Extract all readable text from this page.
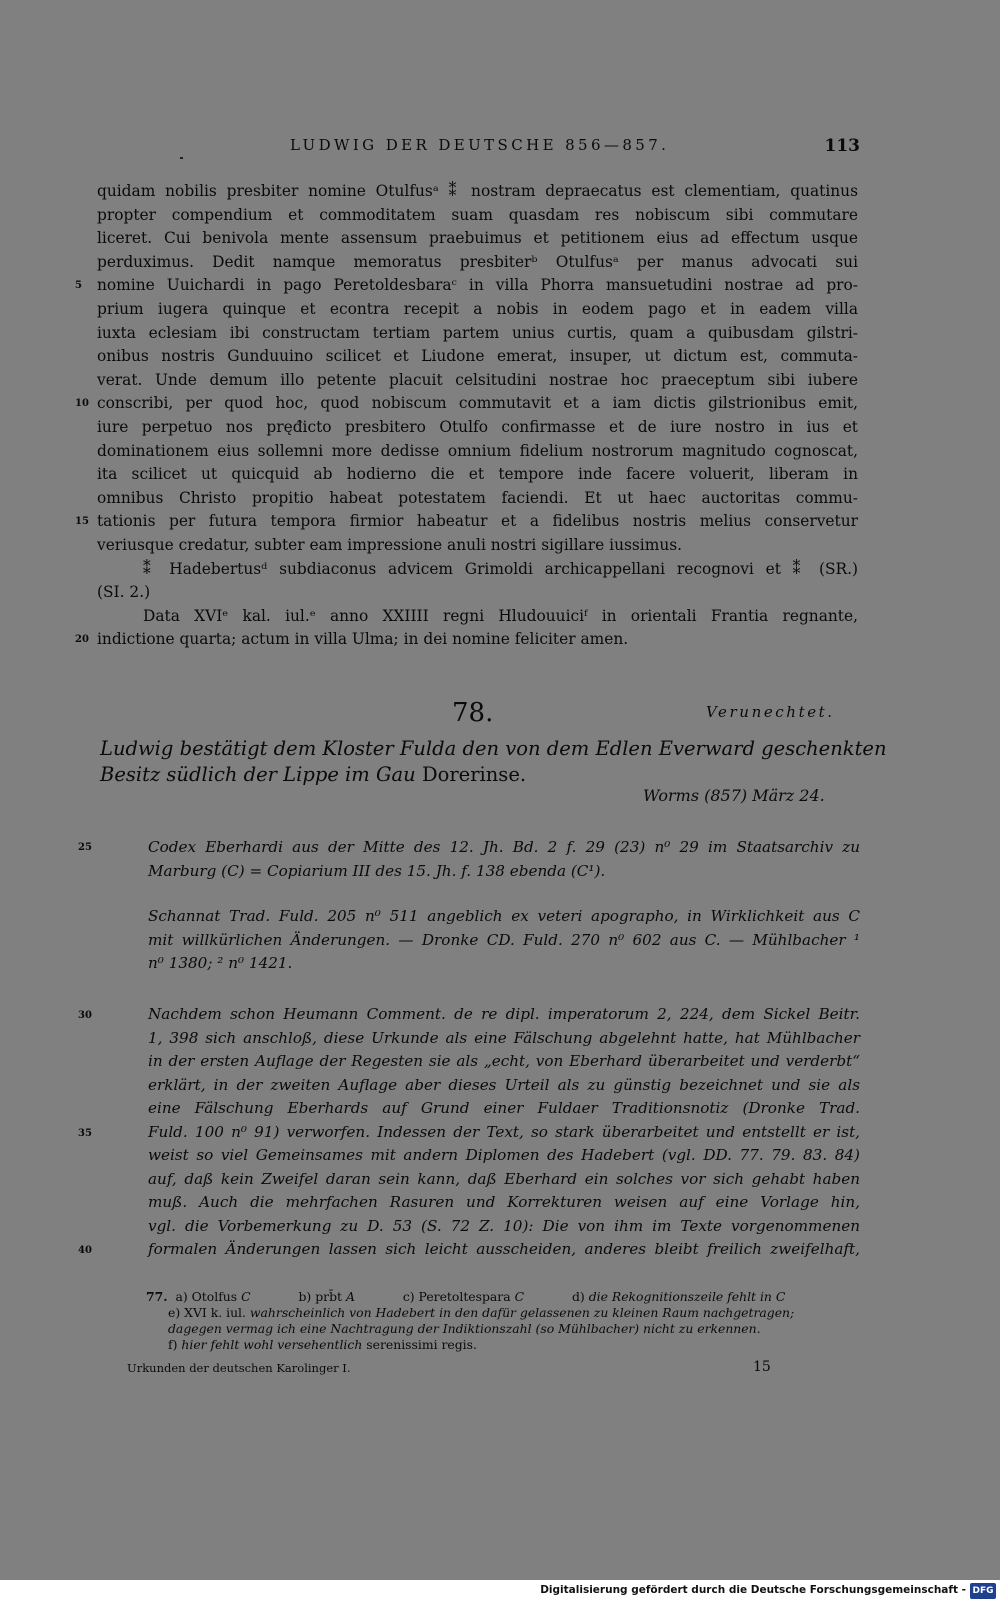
LUDWIG DER DEUTSCHE 856—857.	113
quidam nobilis presbiter nomine Otulfusᵃ ⁑ nostram depraecatus est clementiam, quatinus
propter compendium et commoditatem suam quasdam res nobiscum sibi commutare
liceret. Cui benivola mente assensum praebuimus et petitionem eius ad effectum usque
perduximus. Dedit namque memoratus presbiterᵇ Otulfusᵃ per manus advocati sui
5 nomine Uuichardi in pago Peretoldesbaraᶜ in villa Phorra mansuetudini nostrae ad pro-
prium iugera quinque et econtra recepit a nobis in eodem pago et in eadem villa
iuxta eclesiam ibi constructam tertiam partem unius curtis, quam a quibusdam gilstri-
onibus nostris Gunduuino scilicet et Liudone emerat, insuper, ut dictum est, commuta-
verat. Unde demum illo petente placuit celsitudini nostrae hoc praeceptum sibi iubere
10 conscribi, per quod hoc, quod nobiscum commutavit et a iam dictis gilstrionibus emit,
iure perpetuo nos pręđicto presbitero Otulfo confirmasse et de iure nostro in ius et
dominationem eius sollemni more dedisse omnium fidelium nostrorum magnitudo cognoscat,
ita scilicet ut quicquid ab hodierno die et tempore inde facere voluerit, liberam in
omnibus Christo propitio habeat potestatem faciendi. Et ut haec auctoritas commu-
15 tationis per futura tempora firmior habeatur et a fidelibus nostris melius conservetur
veriusque credatur, subter eam impressione anuli nostri sigillare iussimus.
⁑ Hadebertusᵈ subdiaconus advicem Grimoldi archicappellani recognovi et ⁑ (SR.)
(SI. 2.)
Data XVIᵉ kal. iul.ᵉ anno XXIIII regni Hludouuiciᶠ in orientali Frantia regnante,
20 indictione quarta; actum in villa Ulma; in dei nomine feliciter amen.
78.	Verunechtet.
Ludwig bestätigt dem Kloster Fulda den von dem Edlen Everward geschenkten
Besitz südlich der Lippe im Gau Dorerinse.
Worms (857) März 24.
25	Codex Eberhardi aus der Mitte des 12. Jh. Bd. 2 f. 29 (23) n⁰ 29 im Staatsarchiv zu
Marburg (C) = Copiarium III des 15. Jh. f. 138 ebenda (C¹).
Schannat Trad. Fuld. 205 n⁰ 511 angeblich ex veteri apographo, in Wirklichkeit aus C
mit willkürlichen Änderungen. — Dronke CD. Fuld. 270 n⁰ 602 aus C. — Mühlbacher ¹
n⁰ 1380; ² n⁰ 1421.
30
35
40
Nachdem schon Heumann Comment. de re dipl. imperatorum 2, 224, dem Sickel Beitr.
1, 398 sich anschloß, diese Urkunde als eine Fälschung abgelehnt hatte, hat Mühlbacher
in der ersten Auflage der Regesten sie als „echt, von Eberhard überarbeitet und verderbt“
erklärt, in der zweiten Auflage aber dieses Urteil als zu günstig bezeichnet und sie als
eine Fälschung Eberhards auf Grund einer Fuldaer Traditionsnotiz (Dronke Trad.
Fuld. 100 n⁰ 91) verworfen. Indessen der Text, so stark überarbeitet und entstellt er ist,
weist so viel Gemeinsames mit andern Diplomen des Hadebert (vgl. DD. 77. 79. 83. 84)
auf, daß kein Zweifel daran sein kann, daß Eberhard ein solches vor sich gehabt haben
muß. Auch die mehrfachen Rasuren und Korrekturen weisen auf eine Vorlage hin,
vgl. die Vorbemerkung zu D. 53 (S. 72 Z. 10): Die von ihm im Texte vorgenommenen
formalen Änderungen lassen sich leicht ausscheiden, anderes bleibt freilich zweifelhaft,
77. a) Otolfus C	b) prb̄t A	c) Peretoltespara C	d) die Rekognitionszeile fehlt in C
e) XVI k. iul. wahrscheinlich von Hadebert in den dafür gelassenen zu kleinen Raum nachgetragen;
dagegen vermag ich eine Nachtragung der Indiktionszahl (so Mühlbacher) nicht zu erkennen.
f) hier fehlt wohl versehentlich serenissimi regis.
Urkunden der deutschen Karolinger I.	15
Digitalisierung gefördert durch die Deutsche Forschungsgemeinschaft - DFG
